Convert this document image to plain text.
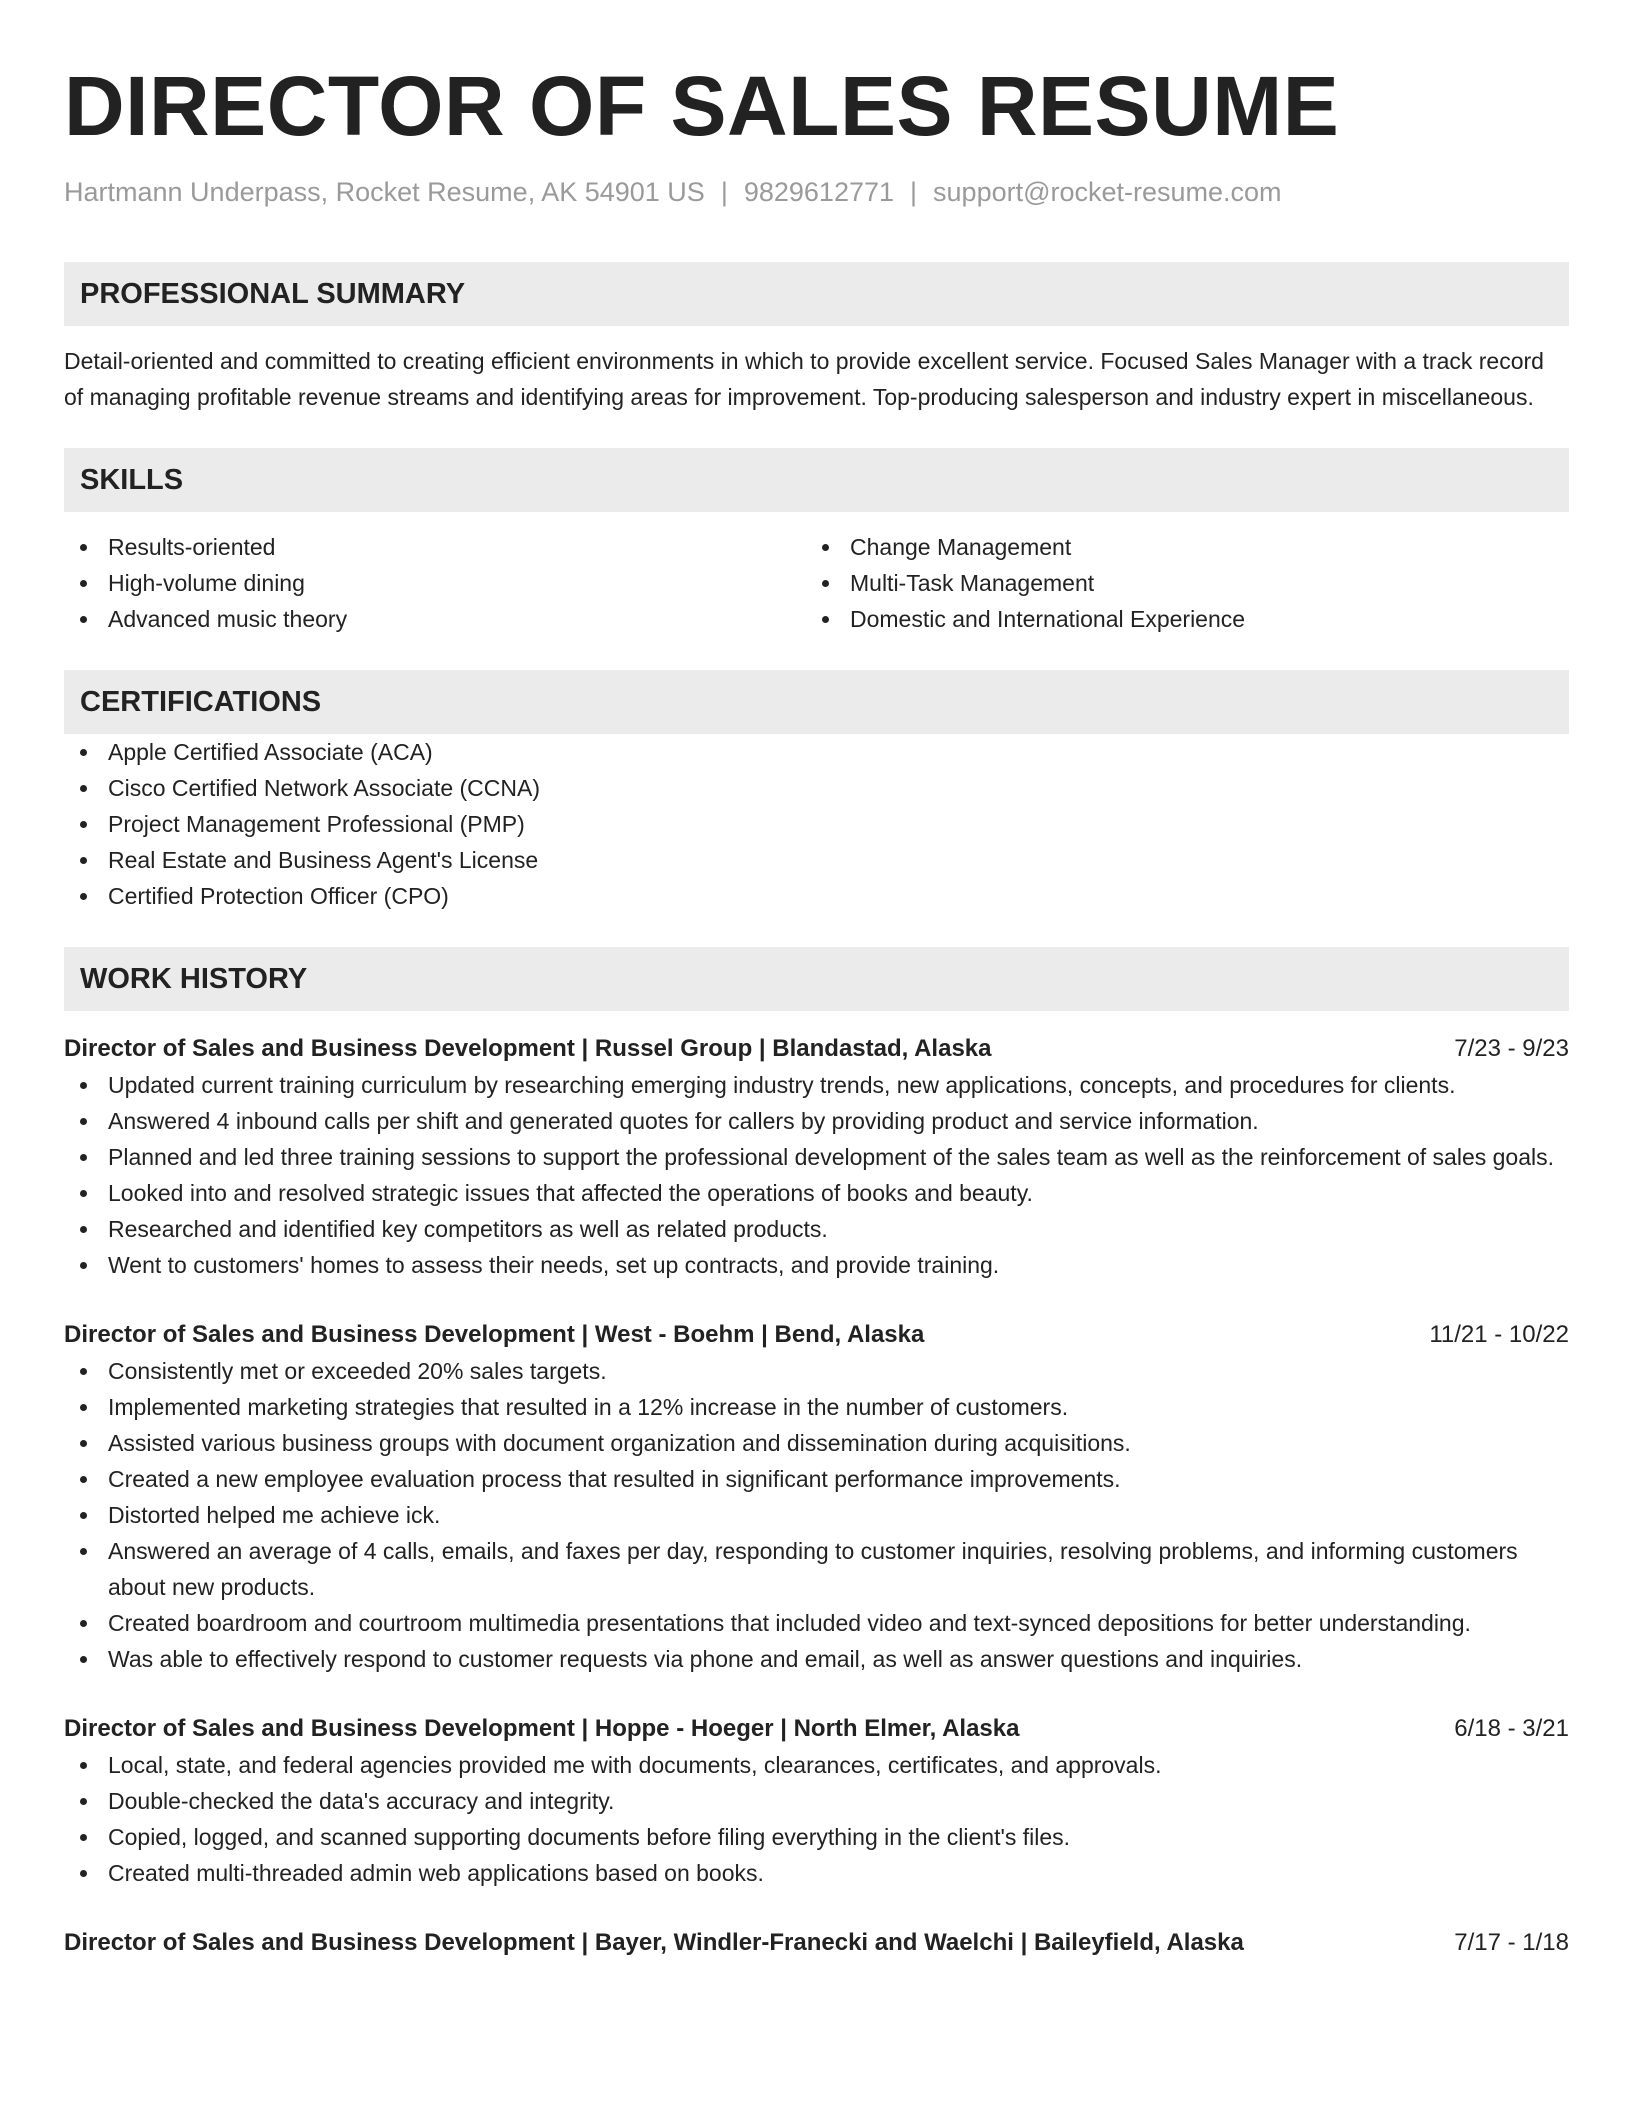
DIRECTOR OF SALES RESUME
Hartmann Underpass, Rocket Resume, AK 54901 US | 9829612771 | support@rocket-resume.com
PROFESSIONAL SUMMARY

Detail-oriented and committed to creating efficient environments in which to provide excellent service. Focused Sales Manager with a track record of managing profitable revenue streams and identifying areas for improvement. Top-producing salesperson and industry expert in miscellaneous.

SKILLS
Results-oriented
High-volume dining
Advanced music theory
Change Management
Multi-Task Management
Domestic and International Experience
CERTIFICATIONS
Apple Certified Associate (ACA)
Cisco Certified Network Associate (CCNA)
Project Management Professional (PMP)
Real Estate and Business Agent's License
Certified Protection Officer (CPO)
WORK HISTORY
Director of Sales and Business Development | Russel Group | Blandastad, Alaska	7/23 - 9/23
Updated current training curriculum by researching emerging industry trends, new applications, concepts, and procedures for clients.
Answered 4 inbound calls per shift and generated quotes for callers by providing product and service information.
Planned and led three training sessions to support the professional development of the sales team as well as the reinforcement of sales goals.
Looked into and resolved strategic issues that affected the operations of books and beauty.
Researched and identified key competitors as well as related products.
Went to customers' homes to assess their needs, set up contracts, and provide training.
Director of Sales and Business Development | West - Boehm | Bend, Alaska	11/21 - 10/22
Consistently met or exceeded 20% sales targets.
Implemented marketing strategies that resulted in a 12% increase in the number of customers.
Assisted various business groups with document organization and dissemination during acquisitions.
Created a new employee evaluation process that resulted in significant performance improvements.
Distorted helped me achieve ick.
Answered an average of 4 calls, emails, and faxes per day, responding to customer inquiries, resolving problems, and informing customers about new products.
Created boardroom and courtroom multimedia presentations that included video and text-synced depositions for better understanding.
Was able to effectively respond to customer requests via phone and email, as well as answer questions and inquiries.
Director of Sales and Business Development | Hoppe - Hoeger | North Elmer, Alaska	6/18 - 3/21
Local, state, and federal agencies provided me with documents, clearances, certificates, and approvals.
Double-checked the data's accuracy and integrity.
Copied, logged, and scanned supporting documents before filing everything in the client's files.
Created multi-threaded admin web applications based on books.
Director of Sales and Business Development | Bayer, Windler-Franecki and Waelchi | Baileyfield, Alaska	7/17 - 1/18
